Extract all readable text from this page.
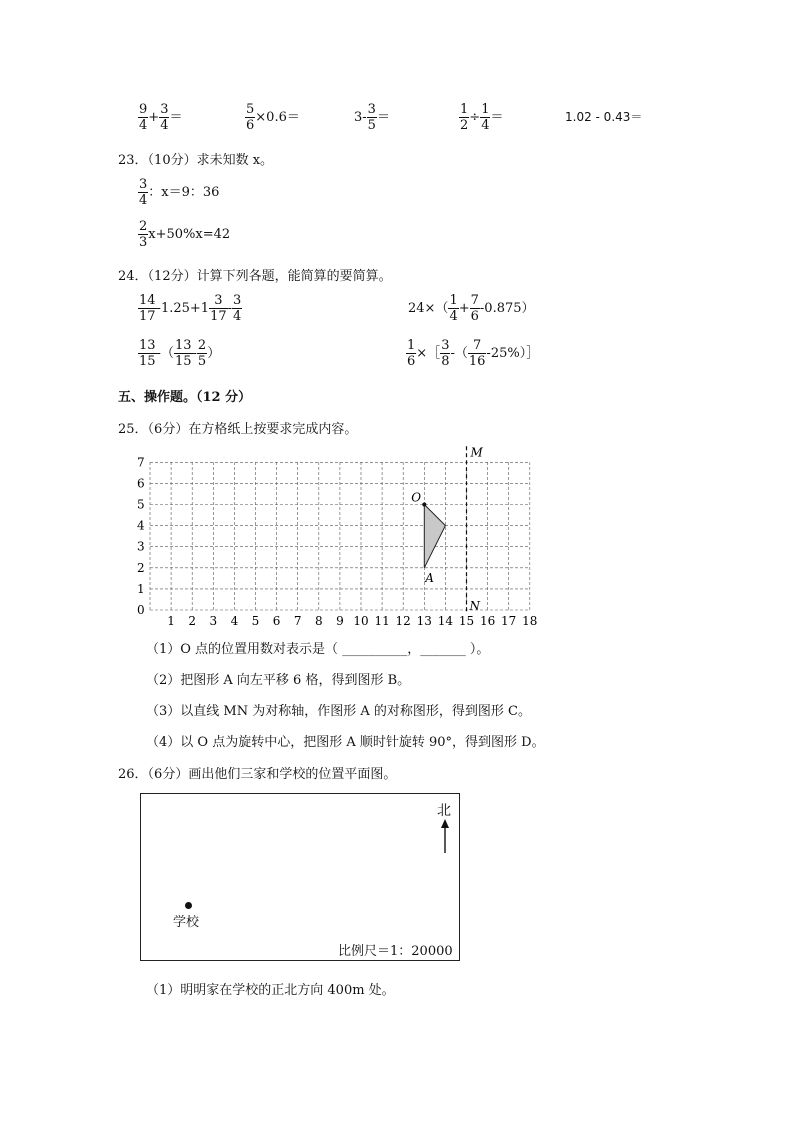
$\frac{9}{4} + \frac{3}{4}$ ＝	$\frac{5}{6} \times 0.6=$	$3- \frac{3}{5}$ ＝	$\frac{1}{2} \div \frac{1}{4}$ ＝	1.02 - 0.43＝
23．（10分）求未知数 x。
$\frac{3}{4}$ ：x＝9：36
$\frac{2}{3} x+50\%x=42$
24．（12分）计算下列各题，能简算的要简算。
$\frac{14}{17} -1.25+1 \frac{3}{17} - \frac{3}{4}$	$24\times( \frac{1}{4} + \frac{7}{6} -0.875)$
$\frac{13}{15}$ -（ $\frac{13}{15} - \frac{2}{5}$ ）	$\frac{1}{6}$ ×［ $\frac{3}{8}$ -（ $\frac{7}{16}$ -25%）］
五、操作题。（12 分）
25．（6分）在方格纸上按要求完成内容。
0
1 2 3 4 5 6 7 8 9 10 11 12 13 14 15 16 17 18
1
2
3
4
5
6
7
M
N
O
A
（1）O 点的位置用数对表示是（ __________，_______ ）。
（2）把图形 A 向左平移 6 格，得到图形 B。
（3）以直线 MN 为对称轴，作图形 A 的对称图形，得到图形 C。
（4）以 O 点为旋转中心，把图形 A 顺时针旋转 90°，得到图形 D。
26．（6分）画出他们三家和学校的位置平面图。
北
学校
比例尺＝1：20000
（1）明明家在学校的正北方向 400m 处。
